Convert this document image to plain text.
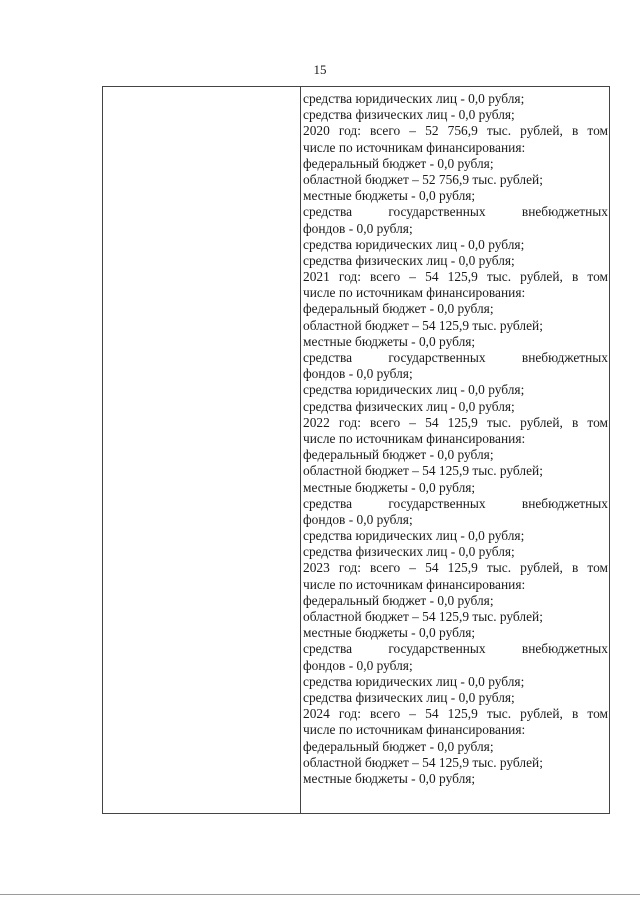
15
средства юридических лиц - 0,0 рубля;
средства физических лиц - 0,0 рубля;
2020 год: всего – 52 756,9 тыс. рублей, в том
числе по источникам финансирования:
федеральный бюджет - 0,0 рубля;
областной бюджет – 52 756,9 тыс. рублей;
местные бюджеты - 0,0 рубля;
средства государственных внебюджетных
фондов - 0,0 рубля;
средства юридических лиц - 0,0 рубля;
средства физических лиц - 0,0 рубля;
2021 год: всего – 54 125,9 тыс. рублей, в том
числе по источникам финансирования:
федеральный бюджет - 0,0 рубля;
областной бюджет – 54 125,9 тыс. рублей;
местные бюджеты - 0,0 рубля;
средства государственных внебюджетных
фондов - 0,0 рубля;
средства юридических лиц - 0,0 рубля;
средства физических лиц - 0,0 рубля;
2022 год: всего – 54 125,9 тыс. рублей, в том
числе по источникам финансирования:
федеральный бюджет - 0,0 рубля;
областной бюджет – 54 125,9 тыс. рублей;
местные бюджеты - 0,0 рубля;
средства государственных внебюджетных
фондов - 0,0 рубля;
средства юридических лиц - 0,0 рубля;
средства физических лиц - 0,0 рубля;
2023 год: всего – 54 125,9 тыс. рублей, в том
числе по источникам финансирования:
федеральный бюджет - 0,0 рубля;
областной бюджет – 54 125,9 тыс. рублей;
местные бюджеты - 0,0 рубля;
средства государственных внебюджетных
фондов - 0,0 рубля;
средства юридических лиц - 0,0 рубля;
средства физических лиц - 0,0 рубля;
2024 год: всего – 54 125,9 тыс. рублей, в том
числе по источникам финансирования:
федеральный бюджет - 0,0 рубля;
областной бюджет – 54 125,9 тыс. рублей;
местные бюджеты - 0,0 рубля;
